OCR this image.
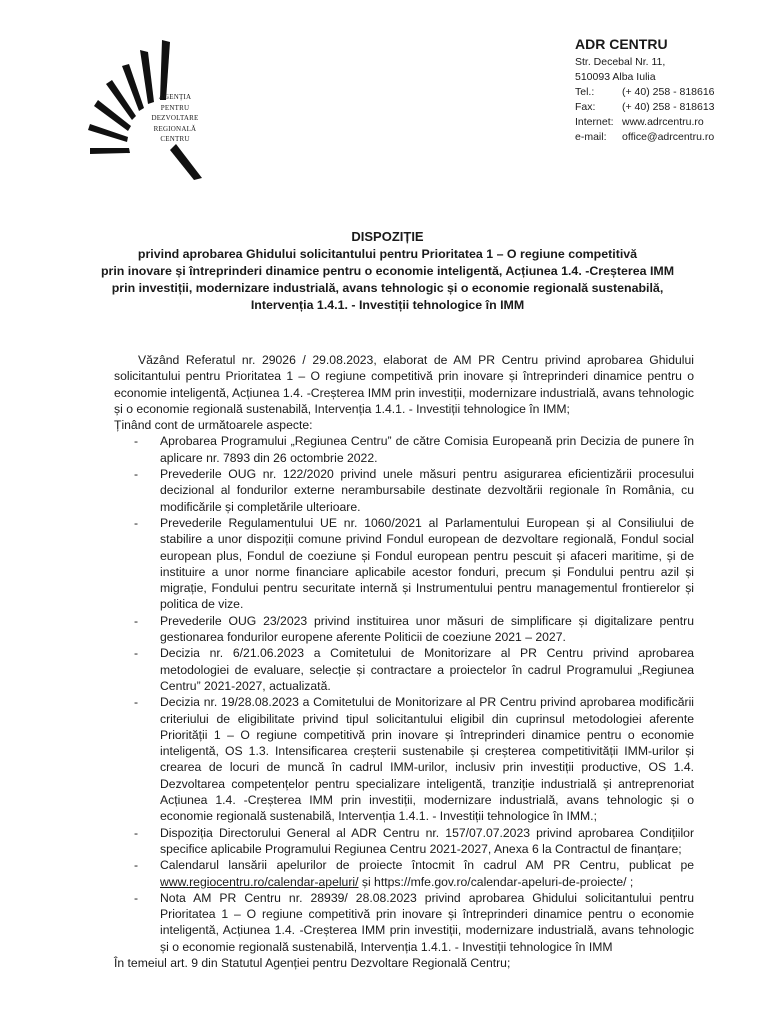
AGENȚIA
PENTRU
DEZVOLTARE
REGIONALĂ
CENTRU
ADR CENTRU
Str. Decebal Nr. 11,
510093 Alba Iulia
Tel.:	(+ 40) 258 - 818616
Fax:	(+ 40) 258 - 818613
Internet: www.adrcentru.ro
e-mail: office@adrcentru.ro
DISPOZIȚIE
privind aprobarea Ghidului solicitantului pentru Prioritatea 1 – O regiune competitivă
prin inovare și întreprinderi dinamice pentru o economie inteligentă, Acțiunea 1.4. -Creșterea IMM
prin investiții, modernizare industrială, avans tehnologic și o economie regională sustenabilă,
Intervenția 1.4.1. - Investiții tehnologice în IMM

Văzând Referatul nr. 29026 / 29.08.2023, elaborat de AM PR Centru privind aprobarea Ghidului solicitantului pentru Prioritatea 1 – O regiune competitivă prin inovare și întreprinderi dinamice pentru o economie inteligentă, Acțiunea 1.4. -Creșterea IMM prin investiții, modernizare industrială, avans tehnologic și o economie regională sustenabilă, Intervenția 1.4.1. - Investiții tehnologice în IMM;

Ținând cont de următoarele aspecte:

- Aprobarea Programului „Regiunea Centru” de către Comisia Europeană prin Decizia de punere în aplicare nr. 7893 din 26 octombrie 2022.
- Prevederile OUG nr. 122/2020 privind unele măsuri pentru asigurarea eficientizării procesului decizional al fondurilor externe nerambursabile destinate dezvoltării regionale în România, cu modificările și completările ulterioare.
- Prevederile Regulamentului UE nr. 1060/2021 al Parlamentului European și al Consiliului de stabilire a unor dispoziții comune privind Fondul european de dezvoltare regională, Fondul social european plus, Fondul de coeziune și Fondul european pentru pescuit și afaceri maritime, și de instituire a unor norme financiare aplicabile acestor fonduri, precum și Fondului pentru azil și migrație, Fondului pentru securitate internă și Instrumentului pentru managementul frontierelor și politica de vize.
- Prevederile OUG 23/2023 privind instituirea unor măsuri de simplificare și digitalizare pentru gestionarea fondurilor europene aferente Politicii de coeziune 2021 – 2027.
- Decizia nr. 6/21.06.2023 a Comitetului de Monitorizare al PR Centru privind aprobarea metodologiei de evaluare, selecție și contractare a proiectelor în cadrul Programului „Regiunea Centru” 2021-2027, actualizată.
- Decizia nr. 19/28.08.2023 a Comitetului de Monitorizare al PR Centru privind aprobarea modificării criteriului de eligibilitate privind tipul solicitantului eligibil din cuprinsul metodologiei aferente Priorității 1 – O regiune competitivă prin inovare și întreprinderi dinamice pentru o economie inteligentă, OS 1.3. Intensificarea creșterii sustenabile și creșterea competitivității IMM-urilor și crearea de locuri de muncă în cadrul IMM-urilor, inclusiv prin investiții productive, OS 1.4. Dezvoltarea competențelor pentru specializare inteligentă, tranziție industrială și antreprenoriat Acțiunea 1.4. -Creșterea IMM prin investiții, modernizare industrială, avans tehnologic și o economie regională sustenabilă, Intervenția 1.4.1. - Investiții tehnologice în IMM.;
- Dispoziția Directorului General al ADR Centru nr. 157/07.07.2023 privind aprobarea Condițiilor specifice aplicabile Programului Regiunea Centru 2021-2027, Anexa 6 la Contractul de finanțare;
- Calendarul lansării apelurilor de proiecte întocmit în cadrul AM PR Centru, publicat pe www.regiocentru.ro/calendar-apeluri/ și https://mfe.gov.ro/calendar-apeluri-de-proiecte/ ;
- Nota AM PR Centru nr. 28939/ 28.08.2023 privind aprobarea Ghidului solicitantului pentru Prioritatea 1 – O regiune competitivă prin inovare și întreprinderi dinamice pentru o economie inteligentă, Acțiunea 1.4. -Creșterea IMM prin investiții, modernizare industrială, avans tehnologic și o economie regională sustenabilă, Intervenția 1.4.1. - Investiții tehnologice în IMM

În temeiul art. 9 din Statutul Agenției pentru Dezvoltare Regională Centru;
